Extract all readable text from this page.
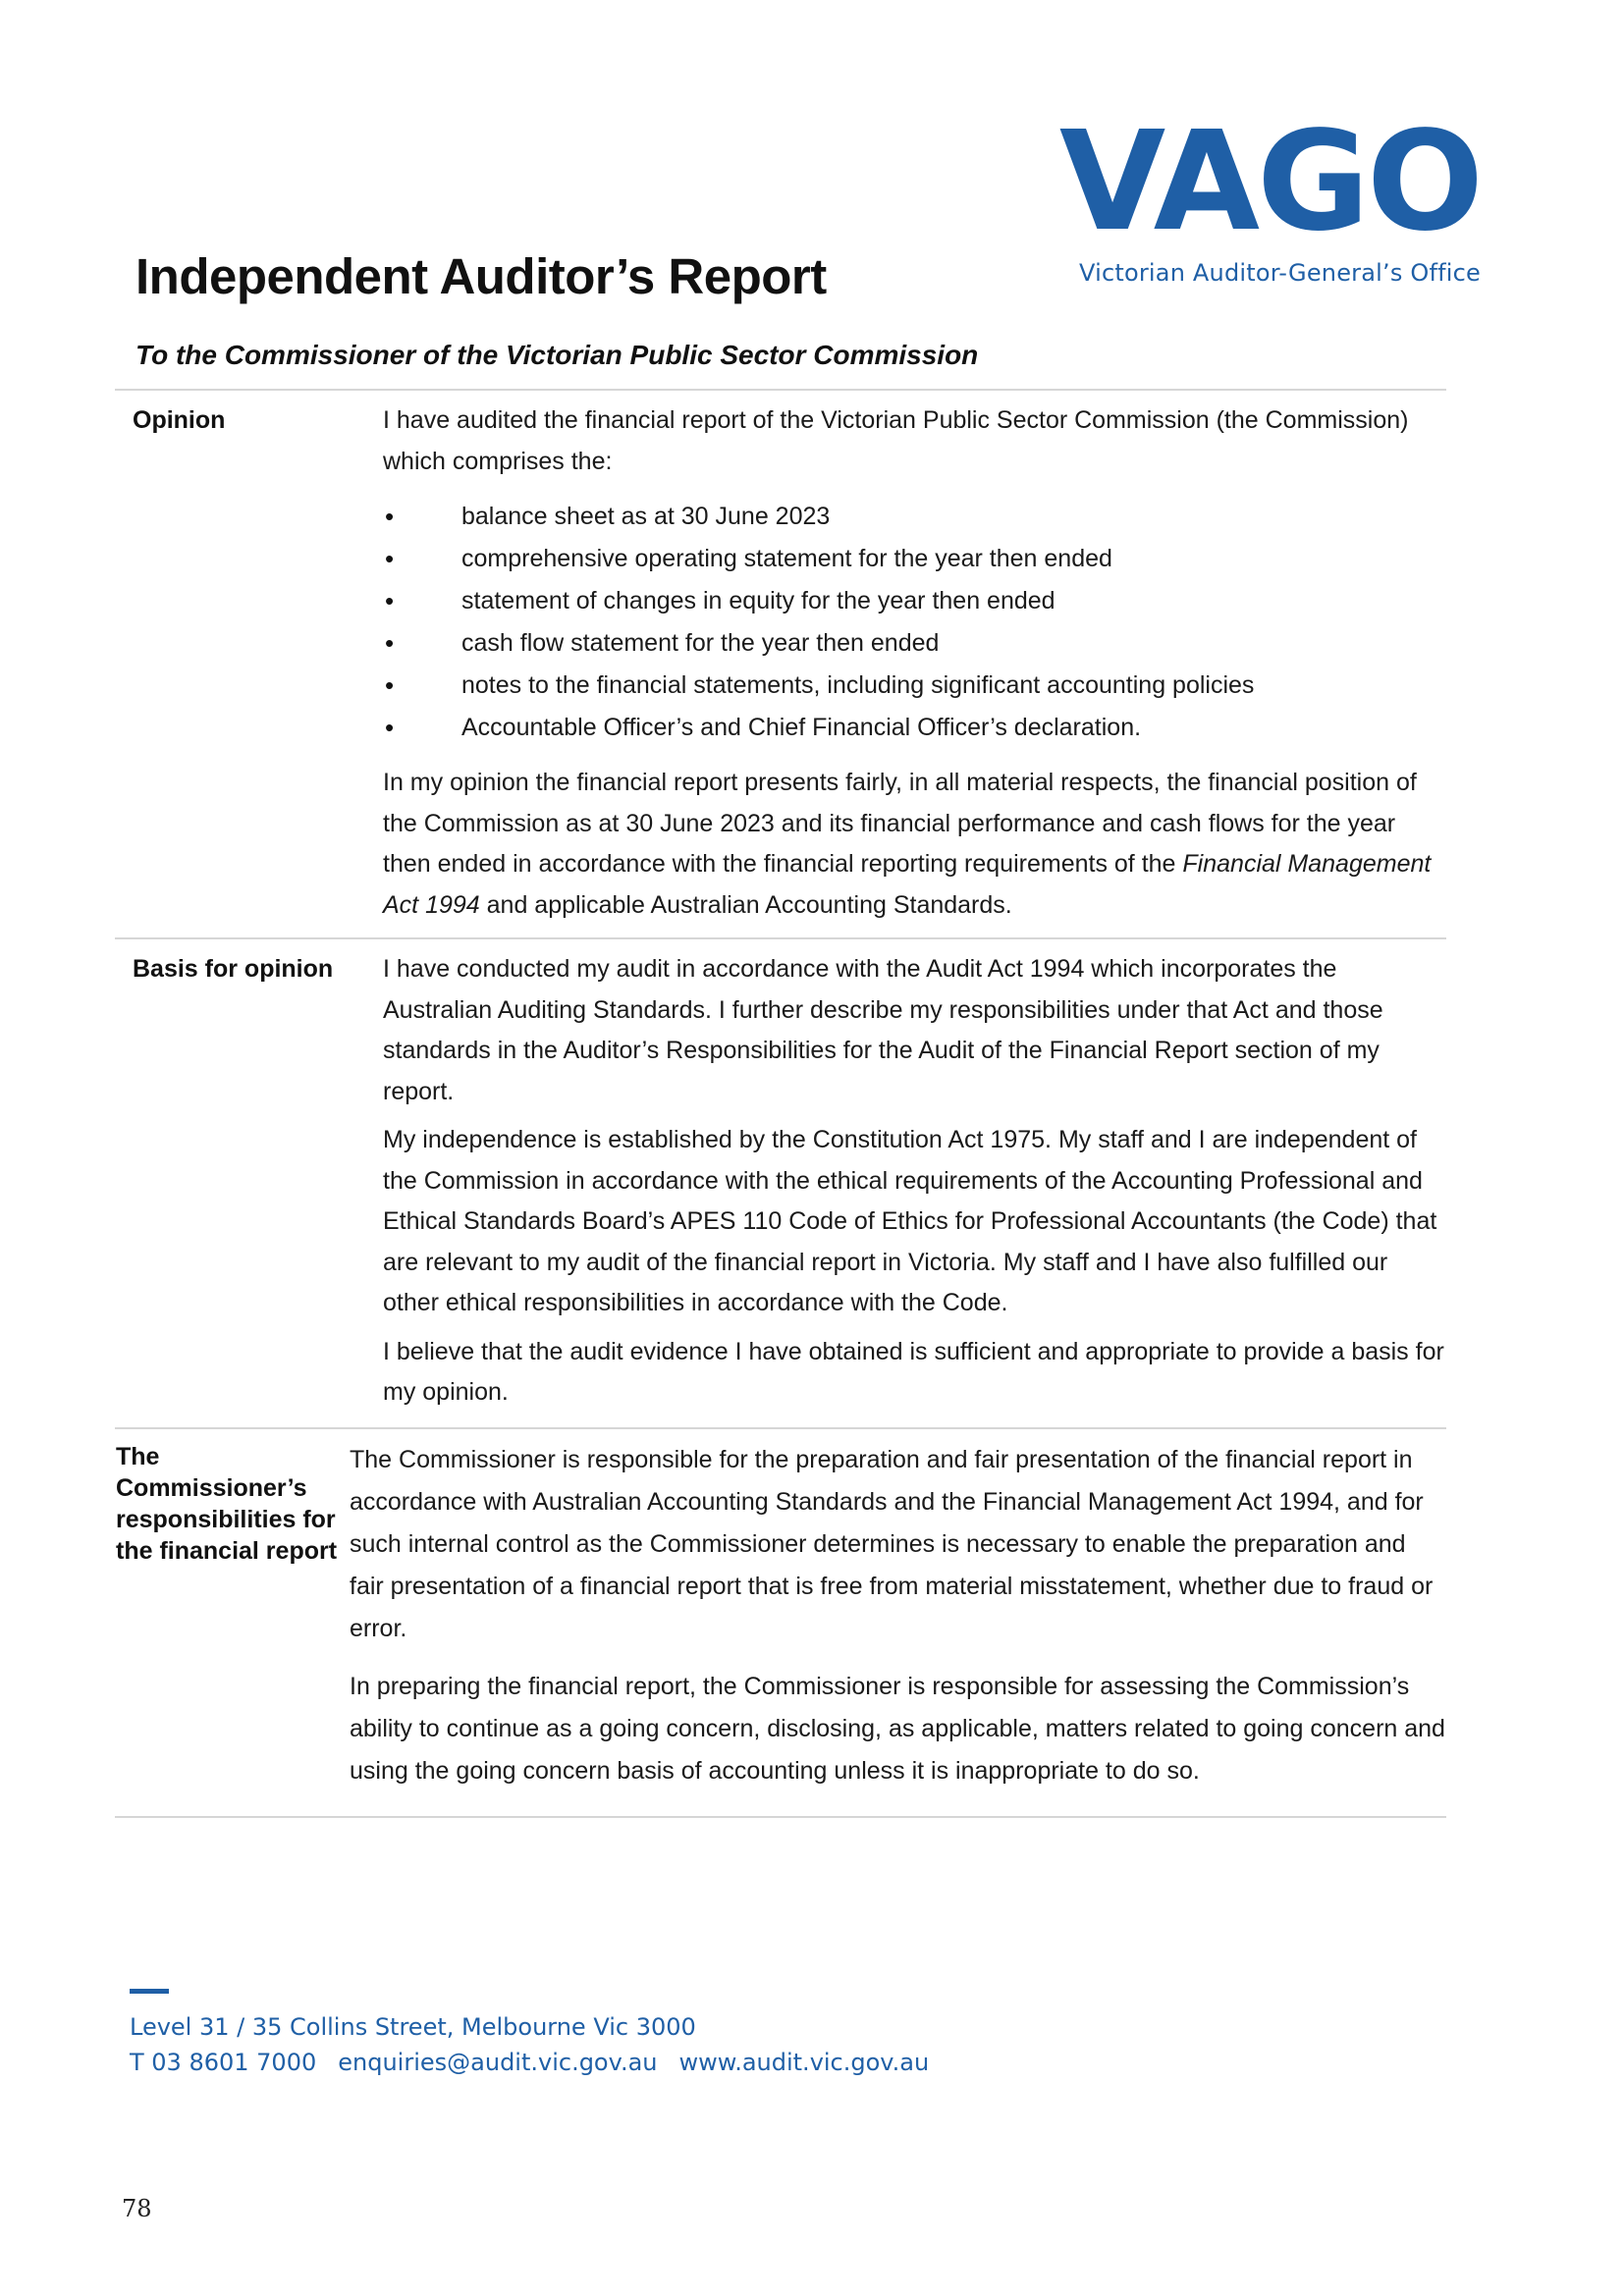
VAGO
Victorian Auditor-General’s Office
Independent Auditor’s Report
To the Commissioner of the Victorian Public Sector Commission
Opinion	I have audited the financial report of the Victorian Public Sector Commission (the Commission) which comprises the:

• balance sheet as at 30 June 2023
• comprehensive operating statement for the year then ended
• statement of changes in equity for the year then ended
• cash flow statement for the year then ended
• notes to the financial statements, including significant accounting policies
• Accountable Officer’s and Chief Financial Officer’s declaration.

In my opinion the financial report presents fairly, in all material respects, the financial position of the Commission as at 30 June 2023 and its financial performance and cash flows for the year then ended in accordance with the financial reporting requirements of the Financial Management Act 1994 and applicable Australian Accounting Standards.

Basis for opinion	I have conducted my audit in accordance with the Audit Act 1994 which incorporates the Australian Auditing Standards. I further describe my responsibilities under that Act and those standards in the Auditor’s Responsibilities for the Audit of the Financial Report section of my report.

My independence is established by the Constitution Act 1975. My staff and I are independent of the Commission in accordance with the ethical requirements of the Accounting Professional and Ethical Standards Board’s APES 110 Code of Ethics for Professional Accountants (the Code) that are relevant to my audit of the financial report in Victoria. My staff and I have also fulfilled our other ethical responsibilities in accordance with the Code.

I believe that the audit evidence I have obtained is sufficient and appropriate to provide a basis for my opinion.

The
Commissioner’s
responsibilities for
the financial report

The Commissioner is responsible for the preparation and fair presentation of the financial report in accordance with Australian Accounting Standards and the Financial Management Act 1994, and for such internal control as the Commissioner determines is necessary to enable the preparation and fair presentation of a financial report that is free from material misstatement, whether due to fraud or error.

In preparing the financial report, the Commissioner is responsible for assessing the Commission’s ability to continue as a going concern, disclosing, as applicable, matters related to going concern and using the going concern basis of accounting unless it is inappropriate to do so.

Level 31 / 35 Collins Street, Melbourne Vic 3000
T 03 8601 7000 enquiries@audit.vic.gov.au www.audit.vic.gov.au
78
